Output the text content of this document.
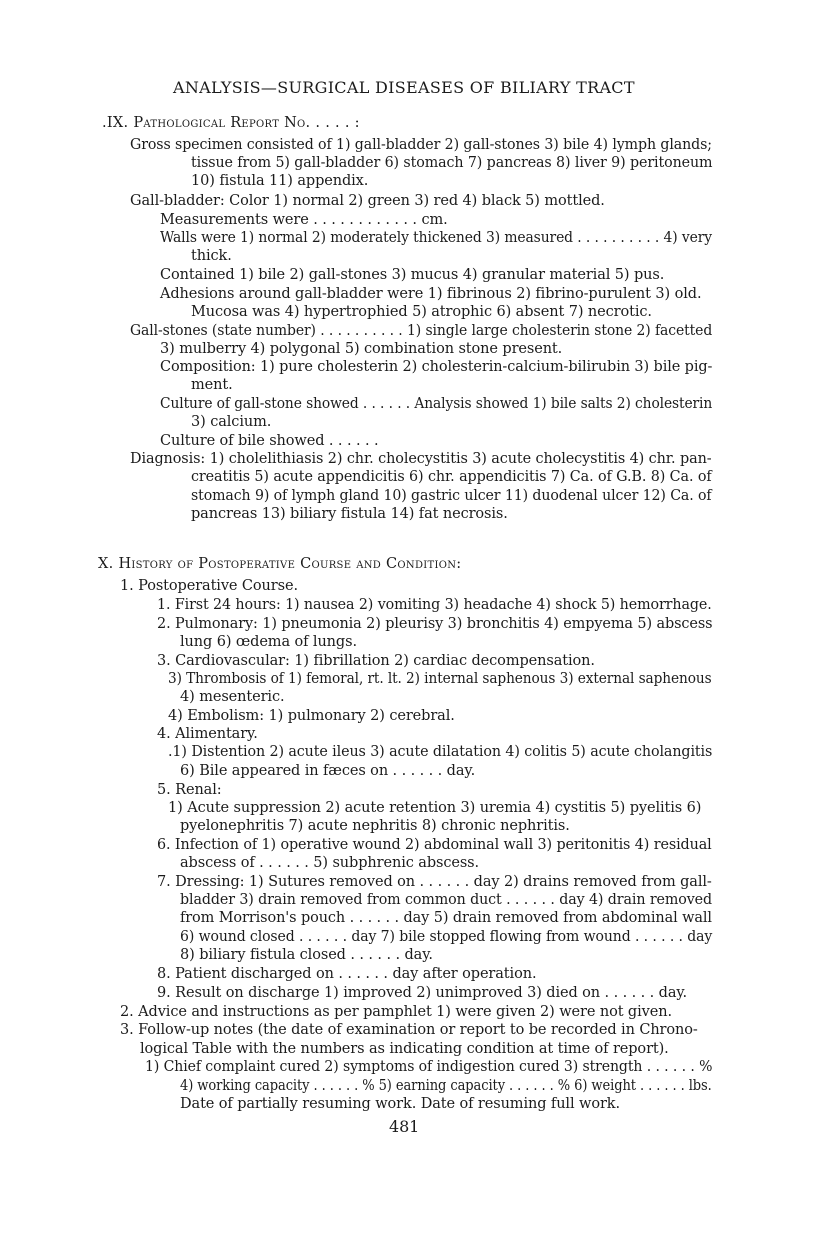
ANALYSIS—SURGICAL DISEASES OF BILIARY TRACT
.IX. Pathological Report No. . . . . :
Gross specimen consisted of 1) gall-bladder 2) gall-stones 3) bile 4) lymph glands;
tissue from 5) gall-bladder 6) stomach 7) pancreas 8) liver 9) peritoneum
10) fistula 11) appendix.
Gall-bladder: Color 1) normal 2) green 3) red 4) black 5) mottled.
Measurements were . . . . . . . . . . . . cm.
Walls were 1) normal 2) moderately thickened 3) measured . . . . . . . . . . 4) very
thick.
Contained 1) bile 2) gall-stones 3) mucus 4) granular material 5) pus.
Adhesions around gall-bladder were 1) fibrinous 2) fibrino-purulent 3) old.
Mucosa was 4) hypertrophied 5) atrophic 6) absent 7) necrotic.
Gall-stones (state number) . . . . . . . . . . 1) single large cholesterin stone 2) facetted
3) mulberry 4) polygonal 5) combination stone present.
Composition: 1) pure cholesterin 2) cholesterin-calcium-bilirubin 3) bile pig-
ment.
Culture of gall-stone showed . . . . . . Analysis showed 1) bile salts 2) cholesterin
3) calcium.
Culture of bile showed . . . . . .
Diagnosis: 1) cholelithiasis 2) chr. cholecystitis 3) acute cholecystitis 4) chr. pan-
creatitis 5) acute appendicitis 6) chr. appendicitis 7) Ca. of G.B. 8) Ca. of
stomach 9) of lymph gland 10) gastric ulcer 11) duodenal ulcer 12) Ca. of
pancreas 13) biliary fistula 14) fat necrosis.
X. History of Postoperative Course and Condition:
1. Postoperative Course.
1. First 24 hours: 1) nausea 2) vomiting 3) headache 4) shock 5) hemorrhage.
2. Pulmonary: 1) pneumonia 2) pleurisy 3) bronchitis 4) empyema 5) abscess
lung 6) œdema of lungs.
3. Cardiovascular: 1) fibrillation 2) cardiac decompensation.
3) Thrombosis of 1) femoral, rt. lt. 2) internal saphenous 3) external saphenous
4) mesenteric.
4) Embolism: 1) pulmonary 2) cerebral.
4. Alimentary.
.1) Distention 2) acute ileus 3) acute dilatation 4) colitis 5) acute cholangitis
6) Bile appeared in fæces on . . . . . . day.
5. Renal:
1) Acute suppression 2) acute retention 3) uremia 4) cystitis 5) pyelitis 6)
pyelonephritis 7) acute nephritis 8) chronic nephritis.
6. Infection of 1) operative wound 2) abdominal wall 3) peritonitis 4) residual
abscess of . . . . . . 5) subphrenic abscess.
7. Dressing: 1) Sutures removed on . . . . . . day 2) drains removed from gall-
bladder 3) drain removed from common duct . . . . . . day 4) drain removed
from Morrison's pouch . . . . . . day 5) drain removed from abdominal wall
6) wound closed . . . . . . day 7) bile stopped flowing from wound . . . . . . day
8) biliary fistula closed . . . . . . day.
8. Patient discharged on . . . . . . day after operation.
9. Result on discharge 1) improved 2) unimproved 3) died on . . . . . . day.
2. Advice and instructions as per pamphlet 1) were given 2) were not given.
3. Follow-up notes (the date of examination or report to be recorded in Chrono-
logical Table with the numbers as indicating condition at time of report).
1) Chief complaint cured 2) symptoms of indigestion cured 3) strength . . . . . . %
4) working capacity . . . . . . % 5) earning capacity . . . . . . % 6) weight . . . . . . lbs.
Date of partially resuming work. Date of resuming full work.
481
